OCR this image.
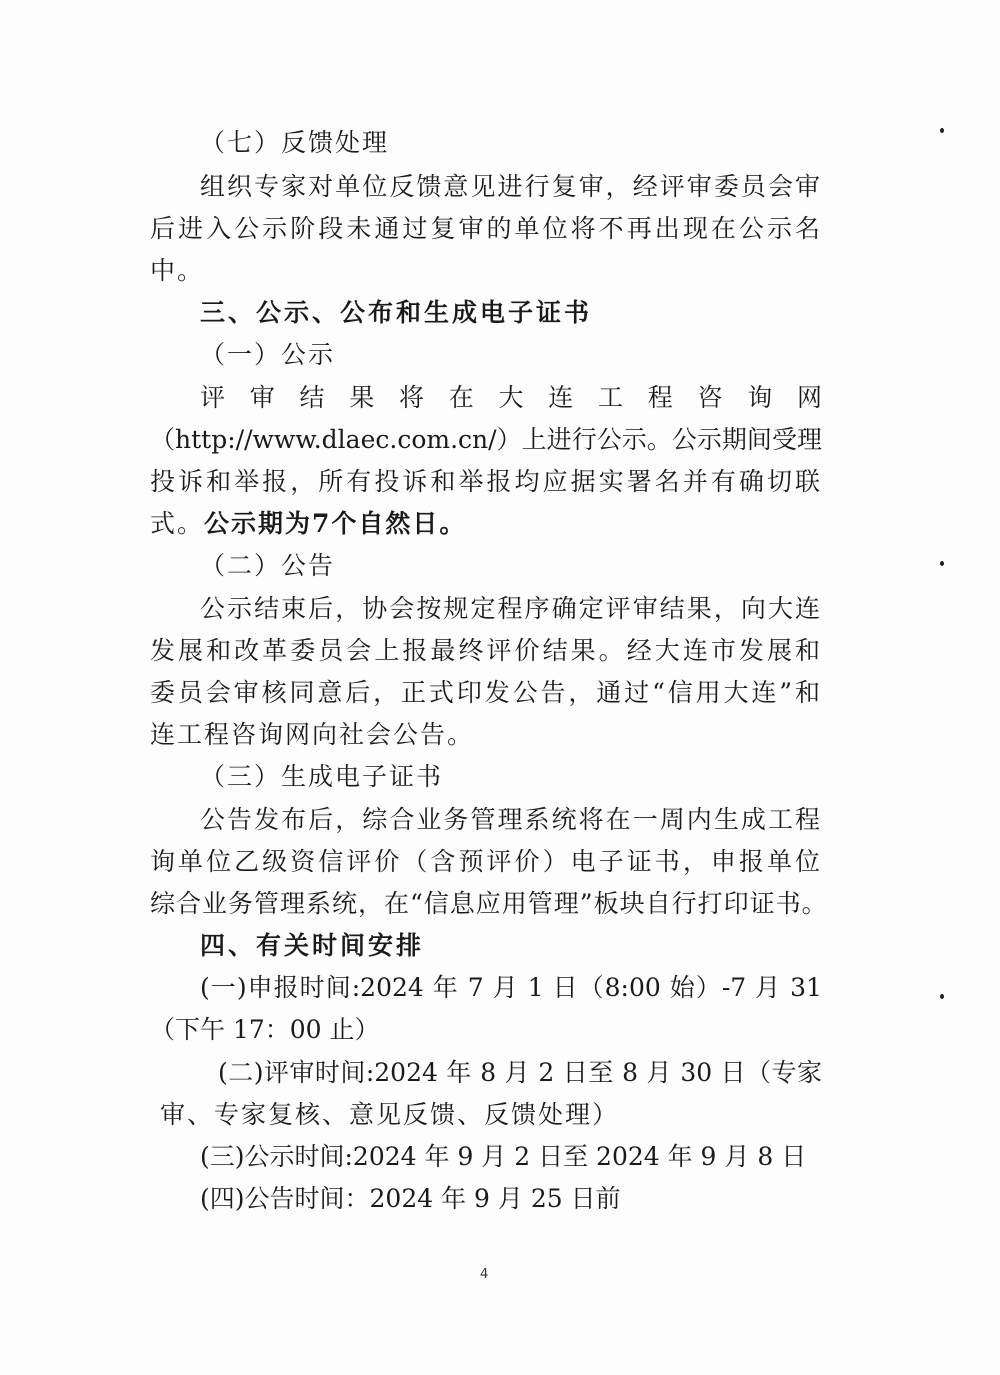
（七）反馈处理
组织专家对单位反馈意见进行复审，经评审委员会审
后进入公示阶段未通过复审的单位将不再出现在公示名
中。
三、公示、公布和生成电子证书
（一）公示
评审结果将在大连工程咨询网
（http://www.dlaec.com.cn/）上进行公示。公示期间受理
投诉和举报，所有投诉和举报均应据实署名并有确切联
式。公示期为7个自然日。
（二）公告
公示结束后，协会按规定程序确定评审结果，向大连
发展和改革委员会上报最终评价结果。经大连市发展和
委员会审核同意后，正式印发公告，通过“信用大连”和
连工程咨询网向社会公告。
（三）生成电子证书
公告发布后，综合业务管理系统将在一周内生成工程
询单位乙级资信评价（含预评价）电子证书，申报单位
综合业务管理系统，在“信息应用管理”板块自行打印证书。
四、有关时间安排
(一)申报时间:2024 年 7 月 1 日（8:00 始）-7 月 31
（下午 17：00 止）
(二)评审时间:2024 年 8 月 2 日至 8 月 30 日（专家
审、专家复核、意见反馈、反馈处理）
(三)公示时间:2024 年 9 月 2 日至 2024 年 9 月 8 日
(四)公告时间：2024 年 9 月 25 日前
4
